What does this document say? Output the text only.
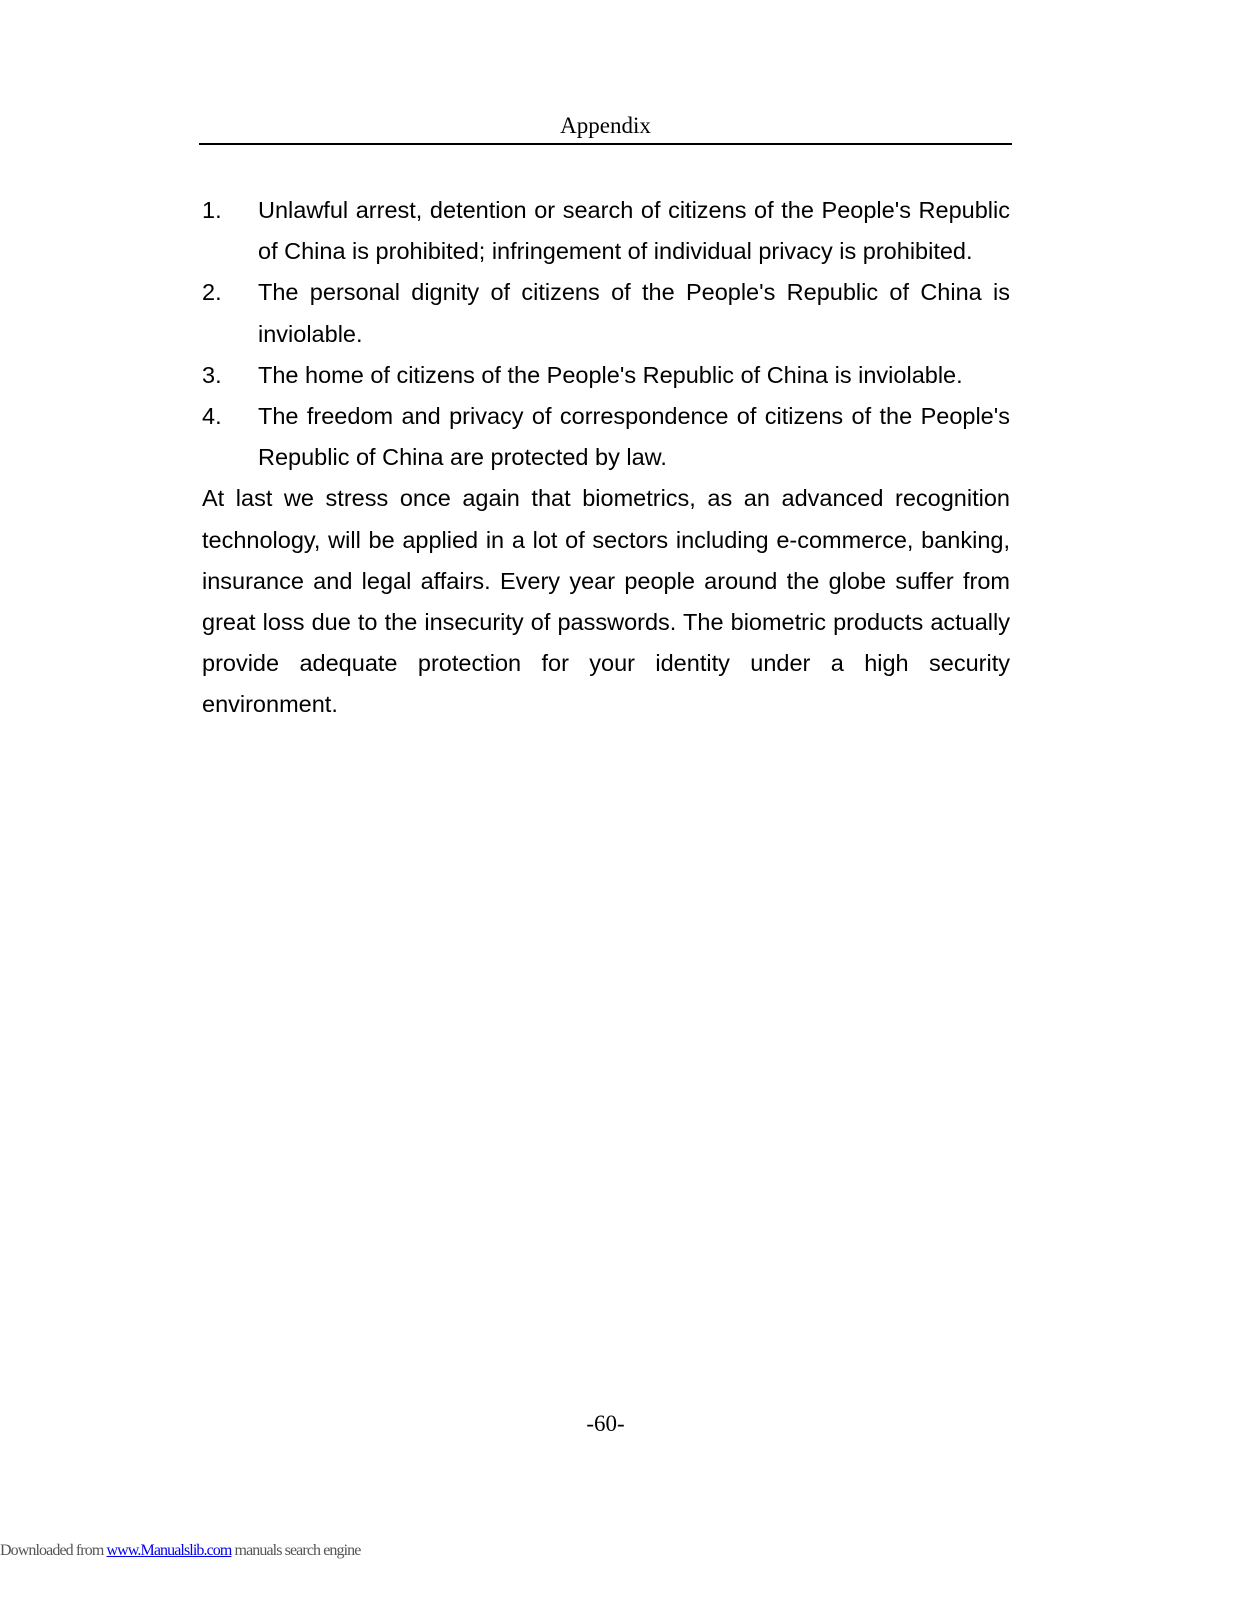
Appendix
1. Unlawful arrest, detention or search of citizens of the People's Republic of China is prohibited; infringement of individual privacy is prohibited.
2. The personal dignity of citizens of the People's Republic of China is inviolable.
3. The home of citizens of the People's Republic of China is inviolable.
4. The freedom and privacy of correspondence of citizens of the People's Republic of China are protected by law.

At last we stress once again that biometrics, as an advanced recognition technology, will be applied in a lot of sectors including e-commerce, banking, insurance and legal affairs. Every year people around the globe suffer from great loss due to the insecurity of passwords. The biometric products actually provide adequate protection for your identity under a high security environment.

-60-
Downloaded from www.Manualslib.com manuals search engine
